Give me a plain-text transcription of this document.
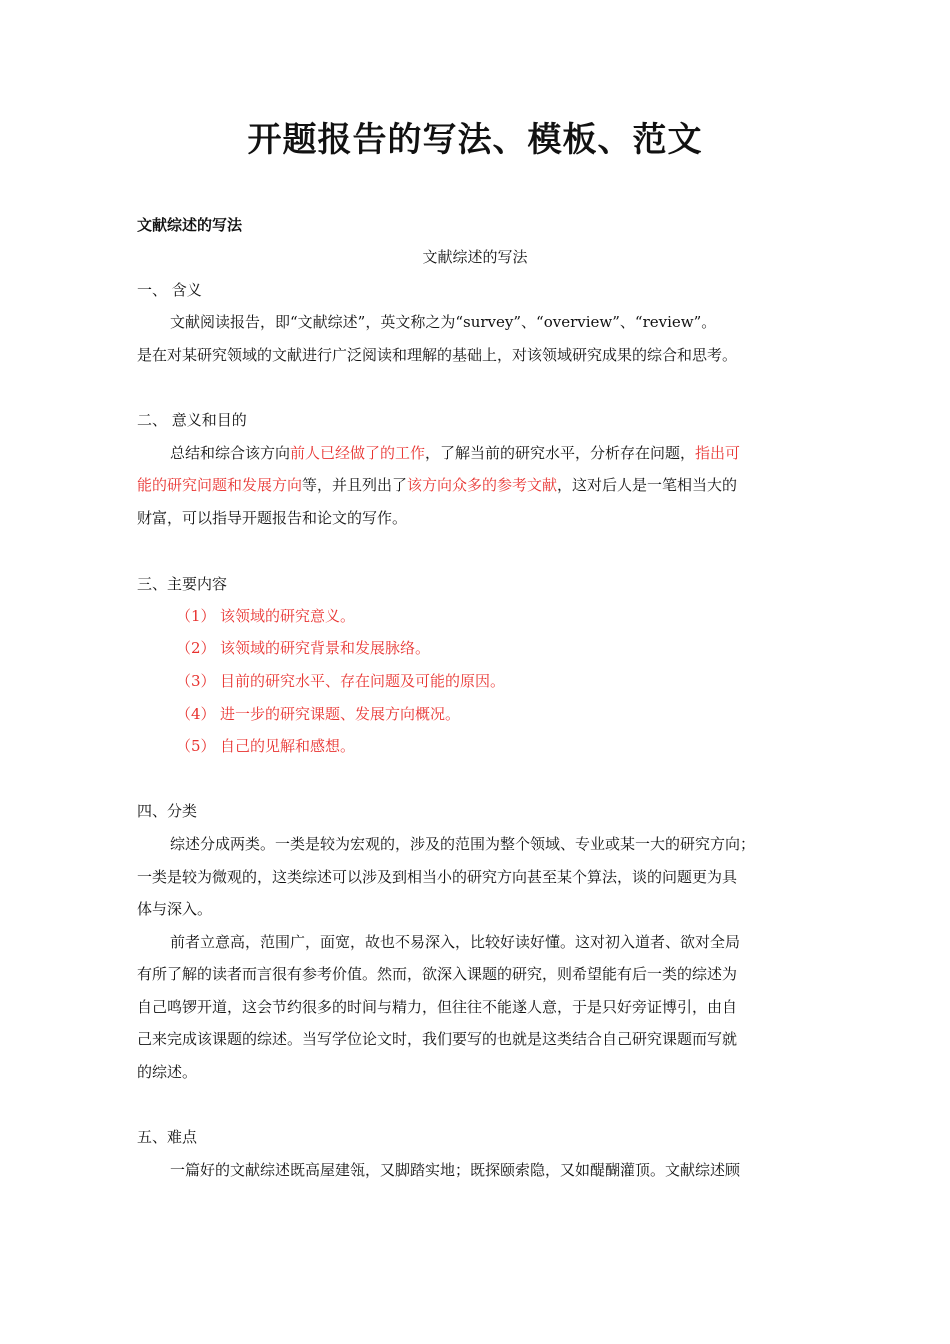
开题报告的写法、模板、范文
文献综述的写法
文献综述的写法
一、 含义
文献阅读报告，即“文献综述”，英文称之为“survey”、“overview”、“review”。
是在对某研究领域的文献进行广泛阅读和理解的基础上，对该领域研究成果的综合和思考。
二、 意义和目的
总结和综合该方向前人已经做了的工作，了解当前的研究水平，分析存在问题，指出可
能的研究问题和发展方向等，并且列出了该方向众多的参考文献，这对后人是一笔相当大的
财富，可以指导开题报告和论文的写作。
三、主要内容
（1） 该领域的研究意义。
（2） 该领域的研究背景和发展脉络。
（3） 目前的研究水平、存在问题及可能的原因。
（4） 进一步的研究课题、发展方向概况。
（5） 自己的见解和感想。
四、分类
综述分成两类。一类是较为宏观的，涉及的范围为整个领域、专业或某一大的研究方向；
一类是较为微观的，这类综述可以涉及到相当小的研究方向甚至某个算法，谈的问题更为具
体与深入。
前者立意高，范围广，面宽，故也不易深入，比较好读好懂。这对初入道者、欲对全局
有所了解的读者而言很有参考价值。然而，欲深入课题的研究，则希望能有后一类的综述为
自己鸣锣开道，这会节约很多的时间与精力，但往往不能遂人意，于是只好旁证博引，由自
己来完成该课题的综述。当写学位论文时，我们要写的也就是这类结合自己研究课题而写就
的综述。
五、难点
一篇好的文献综述既高屋建瓴，又脚踏实地；既探颐索隐，又如醍醐灌顶。文献综述顾
